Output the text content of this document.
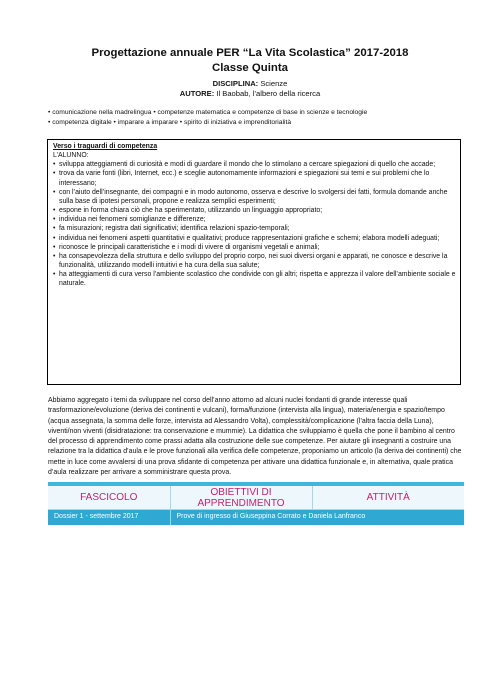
Progettazione annuale PER “La Vita Scolastica” 2017-2018
Classe Quinta
DISCIPLINA: Scienze
AUTORE: Il Baobab, l’albero della ricerca
• comunicazione nella madrelingua • competenze matematica e competenze di base in scienze e tecnologie
• competenza digitale • imparare a imparare • spirito di iniziativa e imprenditorialità
Verso i traguardi di competenza
L’ALUNNO:
• sviluppa atteggiamenti di curiosità e modi di guardare il mondo che lo stimolano a cercare spiegazioni di quello che accade;
• trova da varie fonti (libri, Internet, ecc.) e sceglie autonomamente informazioni e spiegazioni sui temi e sui problemi che lo interessano;
• con l’aiuto dell’insegnante, dei compagni e in modo autonomo, osserva e descrive lo svolgersi dei fatti, formula domande anche sulla base di ipotesi personali, propone e realizza semplici esperimenti;
• espone in forma chiara ciò che ha sperimentato, utilizzando un linguaggio appropriato;
• individua nei fenomeni somiglianze e differenze;
• fa misurazioni; registra dati significativi; identifica relazioni spazio-temporali;
• individua nei fenomeni aspetti quantitativi e qualitativi; produce rappresentazioni grafiche e schemi; elabora modelli adeguati;
• riconosce le principali caratteristiche e i modi di vivere di organismi vegetali e animali;
• ha consapevolezza della struttura e dello sviluppo del proprio corpo, nei suoi diversi organi e apparati, ne conosce e descrive la funzionalità, utilizzando modelli intuitivi e ha cura della sua salute;
• ha atteggiamenti di cura verso l’ambiente scolastico che condivide con gli altri; rispetta e apprezza il valore dell’ambiente sociale e naturale.
Abbiamo aggregato i temi da sviluppare nel corso dell’anno attorno ad alcuni nuclei fondanti di grande interesse quali trasformazione/evoluzione (deriva dei continenti e vulcani), forma/funzione (intervista alla lingua), materia/energia e spazio/tempo (acqua assegnata, la somma delle forze, intervista ad Alessandro Volta), complessità/complicazione (l’altra faccia della Luna), viventi/non viventi (disidratazione: tra conservazione e mummie). La didattica che sviluppiamo è quella che pone il bambino al centro del processo di apprendimento come prassi adatta alla costruzione delle sue competenze. Per aiutare gli insegnanti a costruire una relazione tra la didattica d’aula e le prove funzionali alla verifica delle competenze, proponiamo un articolo (la deriva dei continenti) che mette in luce come avvalersi di una prova sfidante di competenza per attivare una didattica funzionale e, in alternativa, quale pratica d’aula realizzare per arrivare a somministrare questa prova.
FASCICOLO	OBIETTIVI DI APPRENDIMENTO	ATTIVITÀ
Dossier 1 - settembre 2017	Prove di ingresso di Giuseppina Corrato e Daniela Lanfranco	
